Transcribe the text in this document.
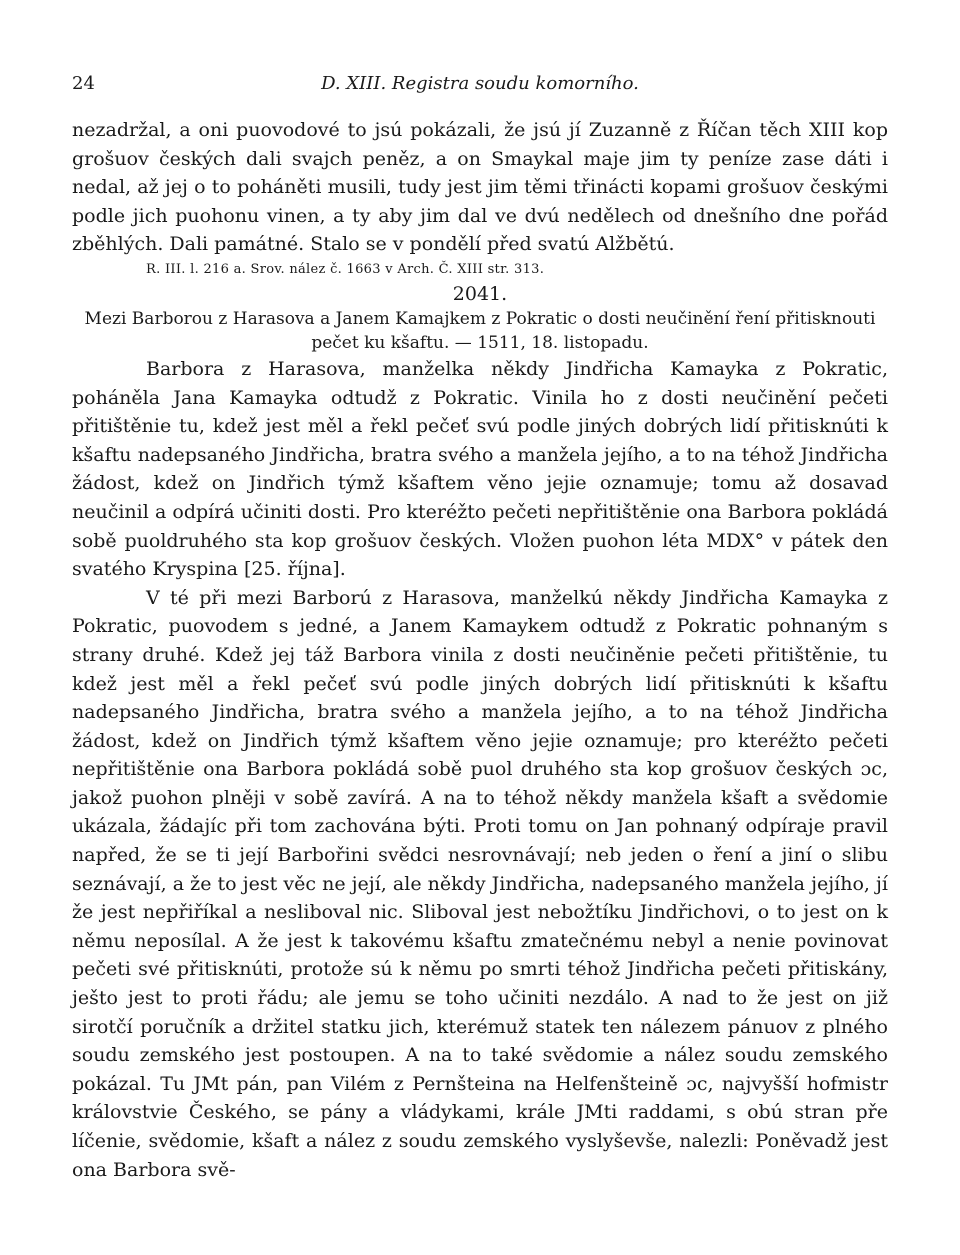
24	D. XIII. Registra soudu komorního.

nezadržal, a oni puovodové to jsú pokázali, že jsú jí Zuzanně z Říčan těch XIII kop grošuov českých dali svajch peněz, a on Smaykal maje jim ty peníze zase dáti i nedal, až jej o to poháněti musili, tudy jest jim těmi třinácti kopami grošuov českými podle jich puohonu vinen, a ty aby jim dal ve dvú nedělech od dnešního dne pořád zběhlých. Dali památné. Stalo se v pondělí před svatú Alžbětú.

R. III. l. 216 a. Srov. nález č. 1663 v Arch. Č. XIII str. 313.

2041.

Mezi Barborou z Harasova a Janem Kamajkem z Pokratic o dosti neučinění ření přitisknouti pečet ku kšaftu. — 1511, 18. listopadu.

Barbora z Harasova, manželka někdy Jindřicha Kamayka z Pokratic, poháněla Jana Kamayka odtudž z Pokratic. Vinila ho z dosti neučinění pečeti přitištěnie tu, kdež jest měl a řekl pečeť svú podle jiných dobrých lidí přitisknúti k kšaftu nadepsaného Jindřicha, bratra svého a manžela jejího, a to na téhož Jindřicha žádost, kdež on Jindřich týmž kšaftem věno jejie oznamuje; tomu až dosavad neučinil a odpírá učiniti dosti. Pro kteréžto pečeti nepřitištěnie ona Barbora pokládá sobě puoldruhého sta kop grošuov českých. Vložen puohon léta MDX° v pátek den svatého Kryspina [25. října].

V té při mezi Barború z Harasova, manželkú někdy Jindřicha Kamayka z Pokratic, puovodem s jedné, a Janem Kamaykem odtudž z Pokratic pohnaným s strany druhé. Kdež jej táž Barbora vinila z dosti neučiněnie pečeti přitištěnie, tu kdež jest měl a řekl pečeť svú podle jiných dobrých lidí přitisknúti k kšaftu nadepsaného Jindřicha, bratra svého a manžela jejího, a to na téhož Jindřicha žádost, kdež on Jindřich týmž kšaftem věno jejie oznamuje; pro kteréžto pečeti nepřitištěnie ona Barbora pokládá sobě puol druhého sta kop grošuov českých ɔc, jakož puohon plněji v sobě zavírá. A na to téhož někdy manžela kšaft a svědomie ukázala, žádajíc při tom zachována býti. Proti tomu on Jan pohnaný odpíraje pravil napřed, že se ti její Barbořini svědci nesrovnávají; neb jeden o ření a jiní o slibu seznávají, a že to jest věc ne její, ale někdy Jindřicha, nadepsaného manžela jejího, jí že jest nepřiříkal a nesliboval nic. Sliboval jest nebožtíku Jindřichovi, o to jest on k němu neposílal. A že jest k takovému kšaftu zmatečnému nebyl a nenie povinovat pečeti své přitisknúti, protože sú k němu po smrti téhož Jindřicha pečeti přitiskány, ješto jest to proti řádu; ale jemu se toho učiniti nezdálo. A nad to že jest on již sirotčí poručník a držitel statku jich, kterémuž statek ten nálezem pánuov z plného soudu zemského jest postoupen. A na to také svědomie a nález soudu zemského pokázal. Tu JMt pán, pan Vilém z Pernšteina na Helfenšteině ɔc, najvyšší hofmistr královstvie Českého, se pány a vládykami, krále JMti raddami, s obú stran pře líčenie, svědomie, kšaft a nález z soudu zemského vyslyševše, nalezli: Poněvadž jest ona Barbora svě-
